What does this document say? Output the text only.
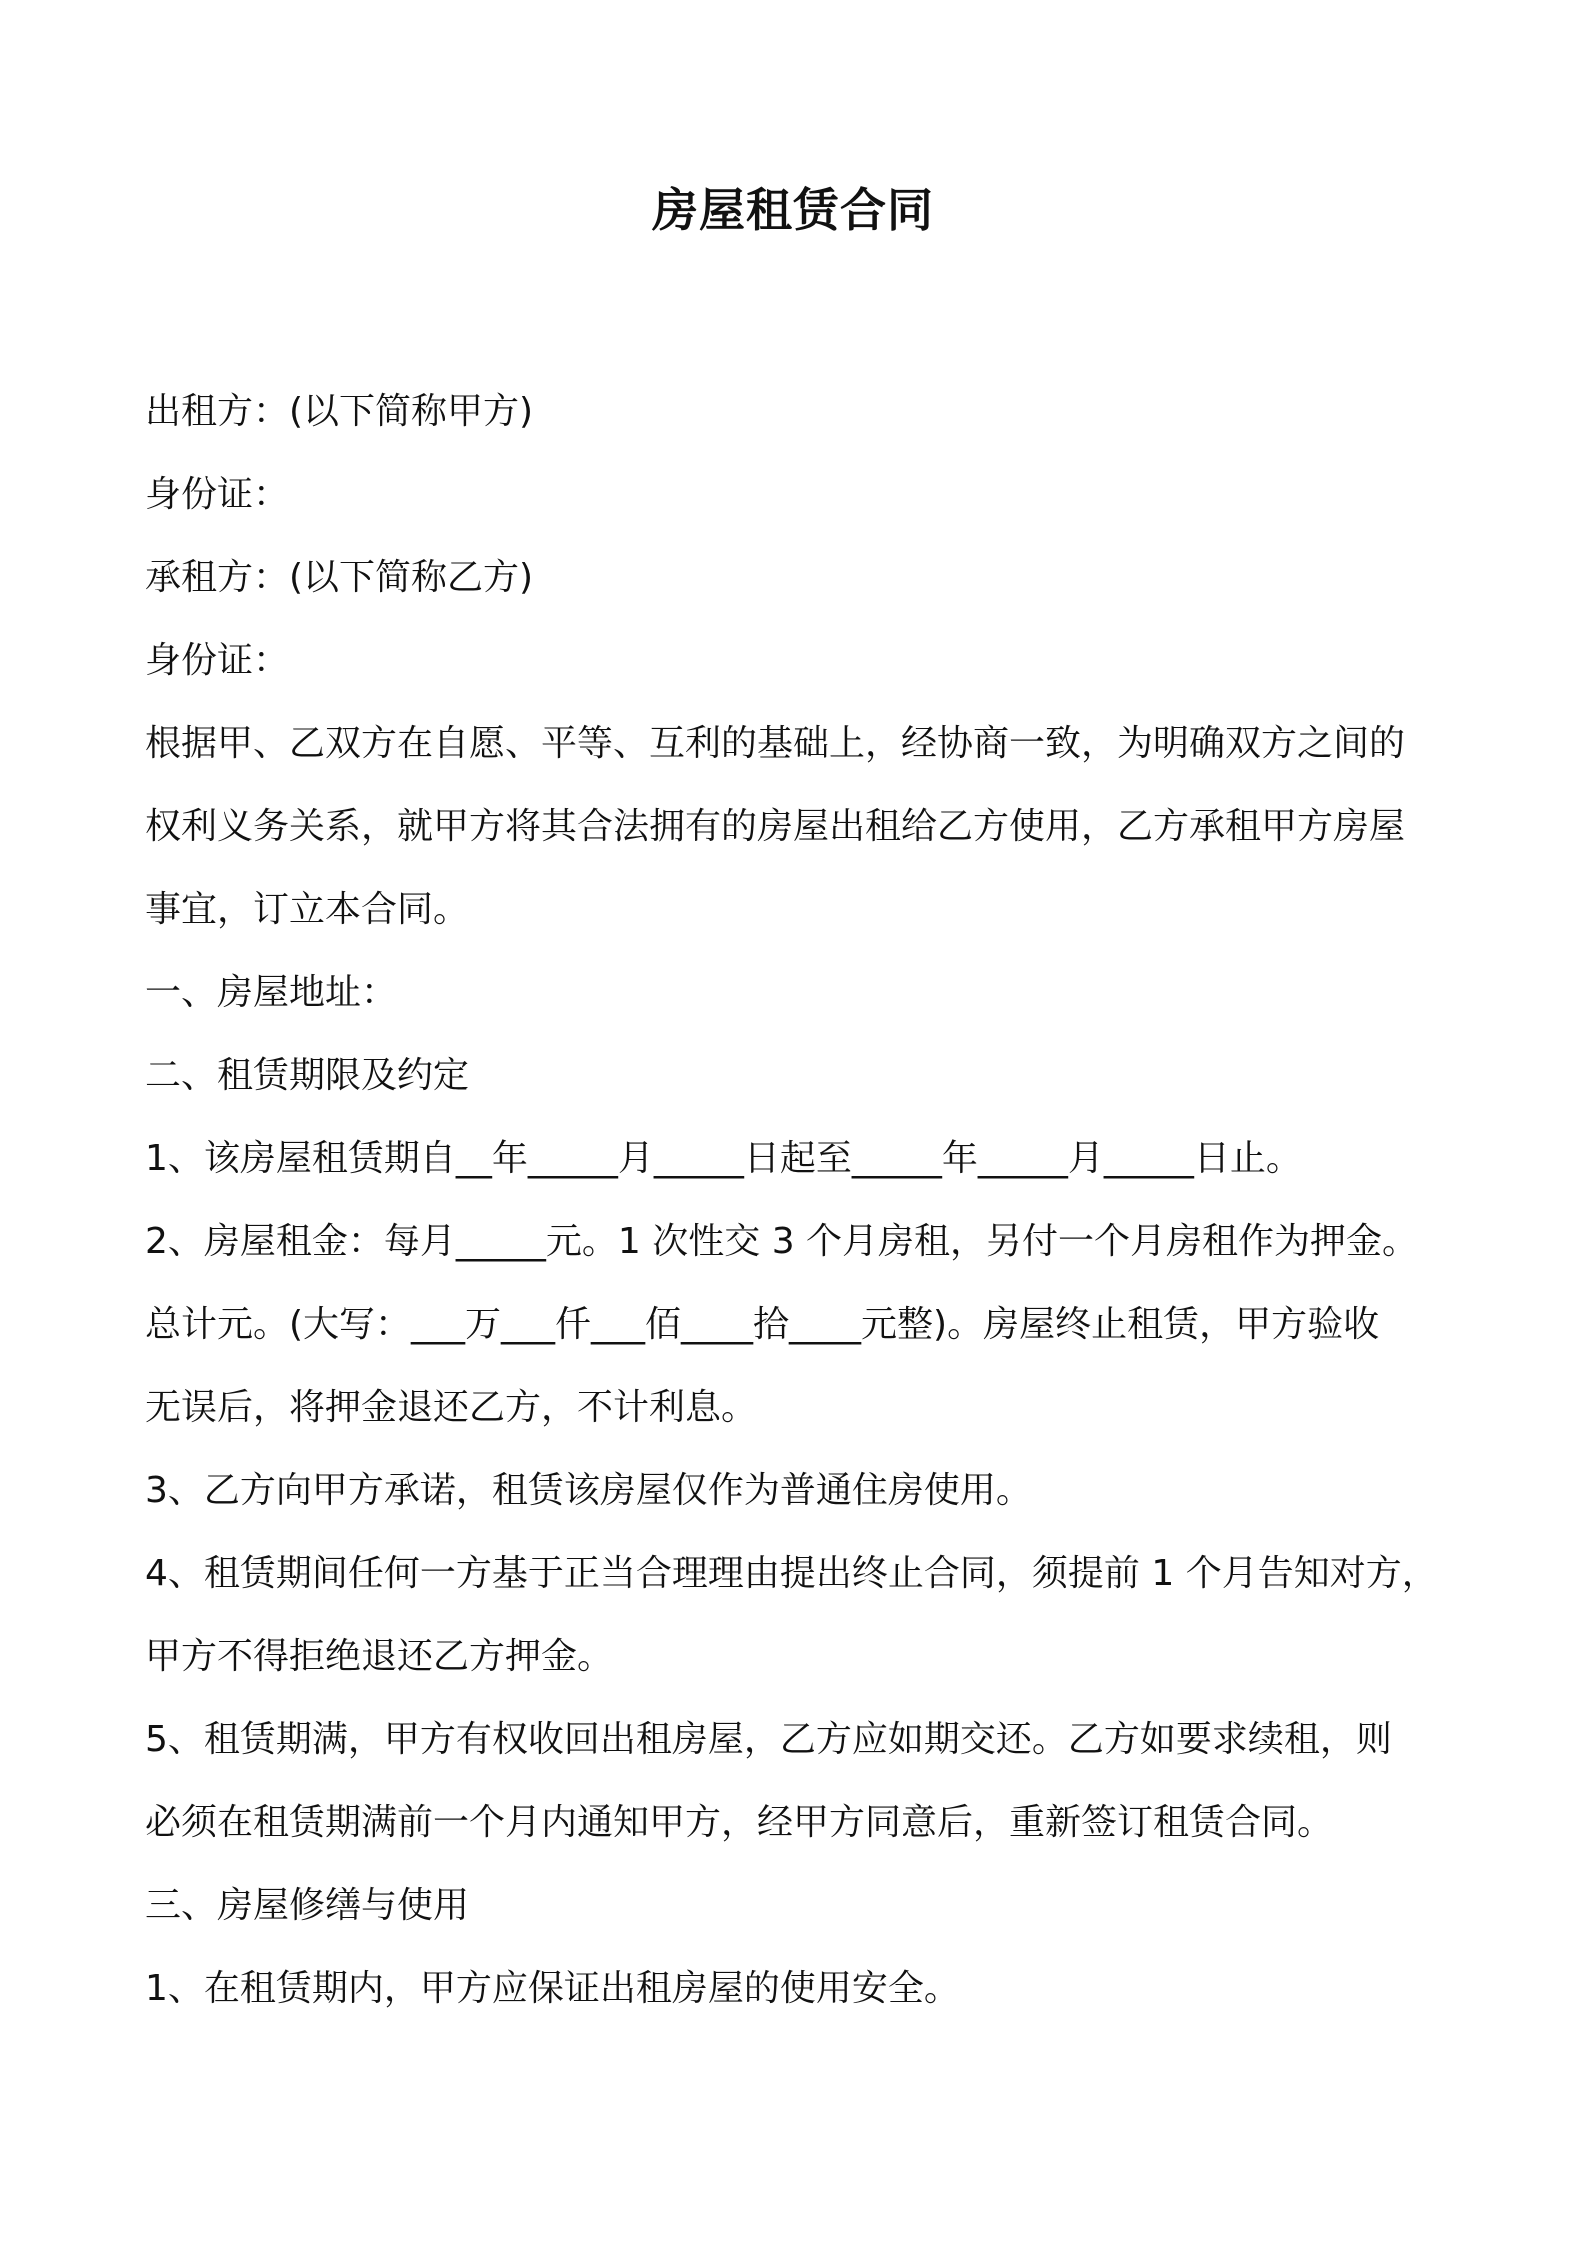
房屋租赁合同
出租方：(以下简称甲方)
身份证：
承租方：(以下简称乙方)
身份证：
根据甲、乙双方在自愿、平等、互利的基础上，经协商一致，为明确双方之间的
权利义务关系，就甲方将其合法拥有的房屋出租给乙方使用，乙方承租甲方房屋
事宜，订立本合同。
一、房屋地址：
二、租赁期限及约定
1、该房屋租赁期自__年_____月_____日起至_____年_____月_____日止。
2、房屋租金：每月_____元。1 次性交 3 个月房租，另付一个月房租作为押金。
总计元。(大写：___万___仟___佰____拾____元整)。房屋终止租赁，甲方验收
无误后，将押金退还乙方，不计利息。
3、乙方向甲方承诺，租赁该房屋仅作为普通住房使用。
4、租赁期间任何一方基于正当合理理由提出终止合同，须提前 1 个月告知对方，
甲方不得拒绝退还乙方押金。
5、租赁期满，甲方有权收回出租房屋，乙方应如期交还。乙方如要求续租，则
必须在租赁期满前一个月内通知甲方，经甲方同意后，重新签订租赁合同。
三、房屋修缮与使用
1、在租赁期内，甲方应保证出租房屋的使用安全。
